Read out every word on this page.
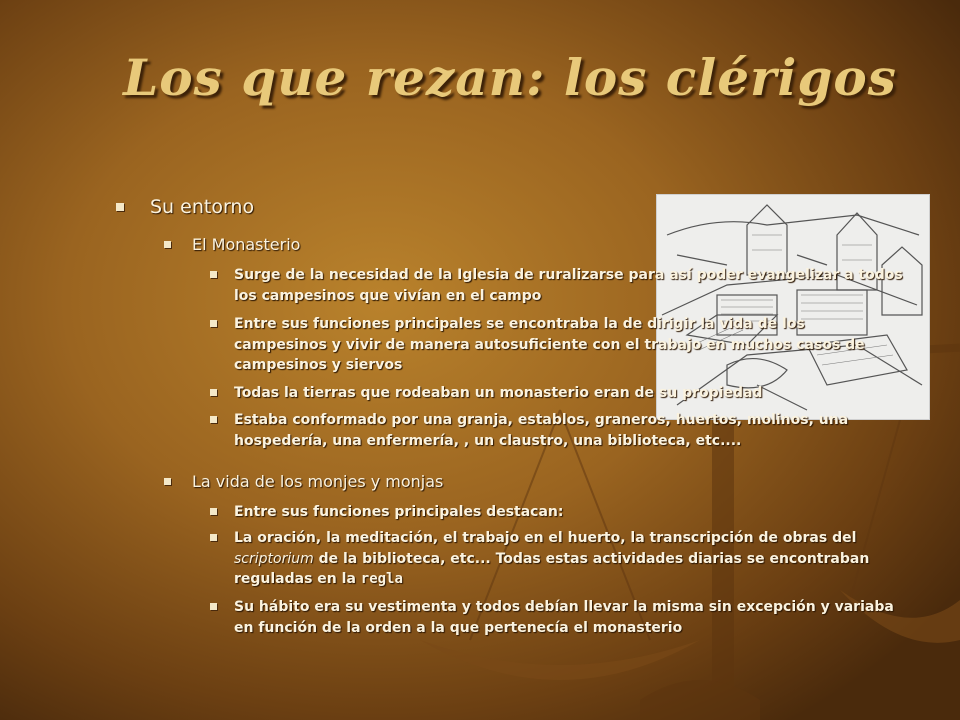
Los que rezan: los clérigos
Su entorno
El Monasterio
Surge de la necesidad de la Iglesia de ruralizarse para así poder evangelizar a todos los campesinos que vivían en el campo
Entre sus funciones principales se encontraba la de dirigir la vida de los campesinos y vivir de manera autosuficiente con el trabajo en muchos casos de campesinos y siervos
Todas la tierras que rodeaban un monasterio eran de su propiedad
Estaba conformado por una granja, establos, graneros, huertos, molinos, una hospedería, una enfermería, , un claustro, una biblioteca, etc....
La vida de los monjes y monjas
Entre sus funciones principales destacan:
La oración, la meditación, el trabajo en el huerto, la transcripción de obras del scriptorium de la biblioteca, etc... Todas estas actividades diarias se encontraban reguladas en la regla
Su hábito era su vestimenta y todos debían llevar la misma sin excepción y variaba en función de la orden a la que pertenecía el monasterio
